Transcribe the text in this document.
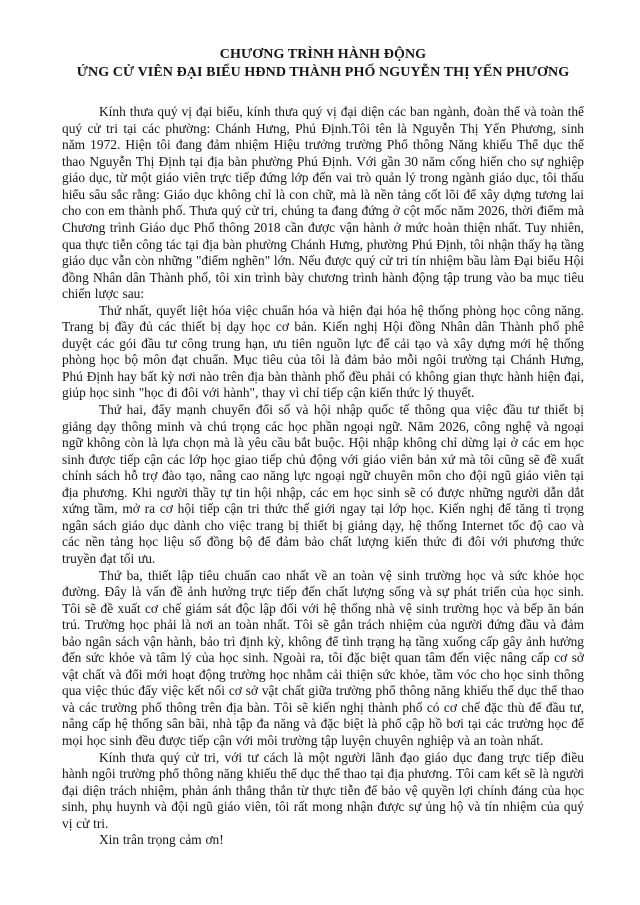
CHƯƠNG TRÌNH HÀNH ĐỘNG
ỨNG CỬ VIÊN ĐẠI BIỂU HĐND THÀNH PHỐ NGUYỄN THỊ YẾN PHƯƠNG

Kính thưa quý vị đại biểu, kính thưa quý vị đại diện các ban ngành, đoàn thể và toàn thể quý cử tri tại các phường: Chánh Hưng, Phú Định.Tôi tên là Nguyễn Thị Yến Phương, sinh năm 1972. Hiện tôi đang đảm nhiệm Hiệu trưởng trường Phổ thông Năng khiếu Thể dục thể thao Nguyễn Thị Định tại địa bàn phường Phú Định. Với gần 30 năm cống hiến cho sự nghiệp giáo dục, từ một giáo viên trực tiếp đứng lớp đến vai trò quản lý trong ngành giáo dục, tôi thấu hiểu sâu sắc rằng: Giáo dục không chỉ là con chữ, mà là nền tảng cốt lõi để xây dựng tương lai cho con em thành phố. Thưa quý cử tri, chúng ta đang đứng ở cột mốc năm 2026, thời điểm mà Chương trình Giáo dục Phổ thông 2018 cần được vận hành ở mức hoàn thiện nhất. Tuy nhiên, qua thực tiễn công tác tại địa bàn phường Chánh Hưng, phường Phú Định, tôi nhận thấy hạ tầng giáo dục vẫn còn những "điểm nghẽn" lớn. Nếu được quý cử tri tín nhiệm bầu làm Đại biểu Hội đồng Nhân dân Thành phố, tôi xin trình bày chương trình hành động tập trung vào ba mục tiêu chiến lược sau:

Thứ nhất, quyết liệt hóa việc chuẩn hóa và hiện đại hóa hệ thống phòng học công năng. Trang bị đầy đủ các thiết bị dạy học cơ bản. Kiến nghị Hội đồng Nhân dân Thành phố phê duyệt các gói đầu tư công trung hạn, ưu tiên nguồn lực để cải tạo và xây dựng mới hệ thống phòng học bộ môn đạt chuẩn. Mục tiêu của tôi là đảm bảo mỗi ngôi trường tại Chánh Hưng, Phú Định hay bất kỳ nơi nào trên địa bàn thành phố đều phải có không gian thực hành hiện đại, giúp học sinh "học đi đôi với hành", thay vì chỉ tiếp cận kiến thức lý thuyết.

Thứ hai, đẩy mạnh chuyển đổi số và hội nhập quốc tế thông qua việc đầu tư thiết bị giảng dạy thông minh và chú trọng các học phần ngoại ngữ. Năm 2026, công nghệ và ngoại ngữ không còn là lựa chọn mà là yêu cầu bắt buộc. Hội nhập không chỉ dừng lại ở các em học sinh được tiếp cận các lớp học giao tiếp chủ động với giáo viên bản xứ mà tôi cũng sẽ đề xuất chính sách hỗ trợ đào tạo, nâng cao năng lực ngoại ngữ chuyên môn cho đội ngũ giáo viên tại địa phương. Khi người thầy tự tin hội nhập, các em học sinh sẽ có được những người dẫn dắt xứng tầm, mở ra cơ hội tiếp cận tri thức thế giới ngay tại lớp học. Kiến nghị để tăng tỉ trọng ngân sách giáo dục dành cho việc trang bị thiết bị giảng dạy, hệ thống Internet tốc độ cao và các nền tảng học liệu số đồng bộ để đảm bảo chất lượng kiến thức đi đôi với phương thức truyền đạt tối ưu.

Thứ ba, thiết lập tiêu chuẩn cao nhất về an toàn vệ sinh trường học và sức khỏe học đường. Đây là vấn đề ảnh hưởng trực tiếp đến chất lượng sống và sự phát triển của học sinh. Tôi sẽ đề xuất cơ chế giám sát độc lập đối với hệ thống nhà vệ sinh trường học và bếp ăn bán trú. Trường học phải là nơi an toàn nhất. Tôi sẽ gắn trách nhiệm của người đứng đầu và đảm bảo ngân sách vận hành, bảo trì định kỳ, không để tình trạng hạ tầng xuống cấp gây ảnh hưởng đến sức khỏe và tâm lý của học sinh. Ngoài ra, tôi đặc biệt quan tâm đến việc nâng cấp cơ sở vật chất và đổi mới hoạt động trường học nhằm cải thiện sức khỏe, tầm vóc cho học sinh thông qua việc thúc đẩy việc kết nối cơ sở vật chất giữa trường phổ thông năng khiếu thể dục thể thao và các trường phổ thông trên địa bàn. Tôi sẽ kiến nghị thành phố có cơ chế đặc thù để đầu tư, nâng cấp hệ thống sân bãi, nhà tập đa năng và đặc biệt là phổ cập hồ bơi tại các trường học để mọi học sinh đều được tiếp cận với môi trường tập luyện chuyên nghiệp và an toàn nhất.

Kính thưa quý cử tri, với tư cách là một người lãnh đạo giáo dục đang trực tiếp điều hành ngôi trường phổ thông năng khiếu thể dục thể thao tại địa phương. Tôi cam kết sẽ là người đại diện trách nhiệm, phản ánh thẳng thắn từ thực tiễn để bảo vệ quyền lợi chính đáng của học sinh, phụ huynh và đội ngũ giáo viên, tôi rất mong nhận được sự ủng hộ và tín nhiệm của quý vị cử tri.

Xin trân trọng cảm ơn!
